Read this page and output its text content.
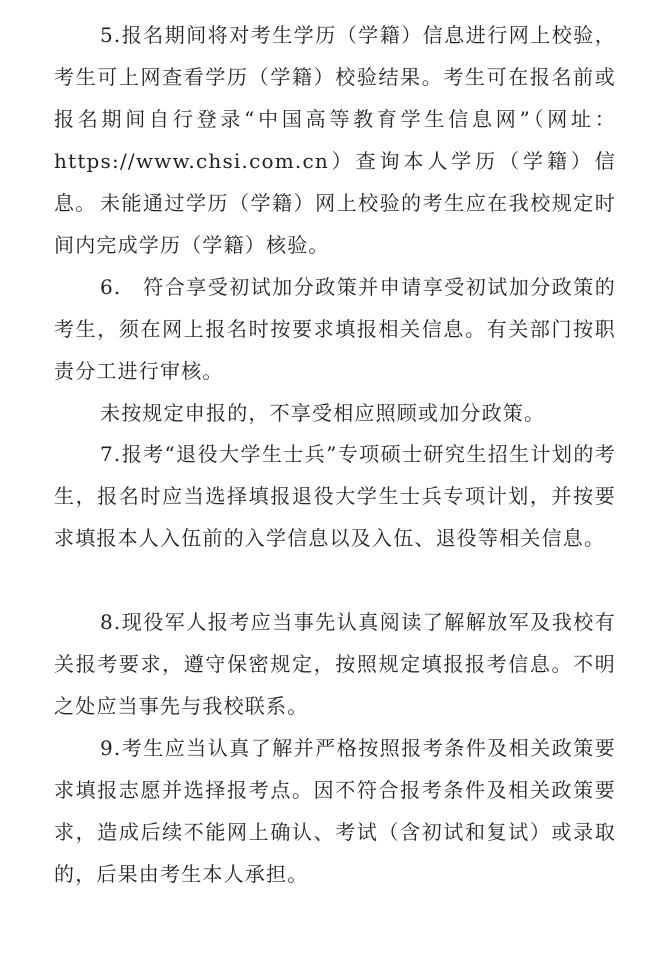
5.报名期间将对考生学历（学籍）信息进行网上校验，考生可上网查看学历（学籍）校验结果。考生可在报名前或报名期间自行登录“中国高等教育学生信息网”（网址：https://www.chsi.com.cn）查询本人学历（学籍）信息。 未能通过学历（学籍）网上校验的考生应在我校规定时间内完成学历（学籍）核验。

6.　符合享受初试加分政策并申请享受初试加分政策的考生，须在网上报名时按要求填报相关信息。有关部门按职责分工进行审核。

未按规定申报的，不享受相应照顾或加分政策。

7.报考“退役大学生士兵”专项硕士研究生招生计划的考生，报名时应当选择填报退役大学生士兵专项计划，并按要求填报本人入伍前的入学信息以及入伍、退役等相关信息。

8.现役军人报考应当事先认真阅读了解解放军及我校有关报考要求，遵守保密规定，按照规定填报报考信息。不明之处应当事先与我校联系。

9.考生应当认真了解并严格按照报考条件及相关政策要求填报志愿并选择报考点。因不符合报考条件及相关政策要求，造成后续不能网上确认、考试（含初试和复试）或录取的，后果由考生本人承担。
